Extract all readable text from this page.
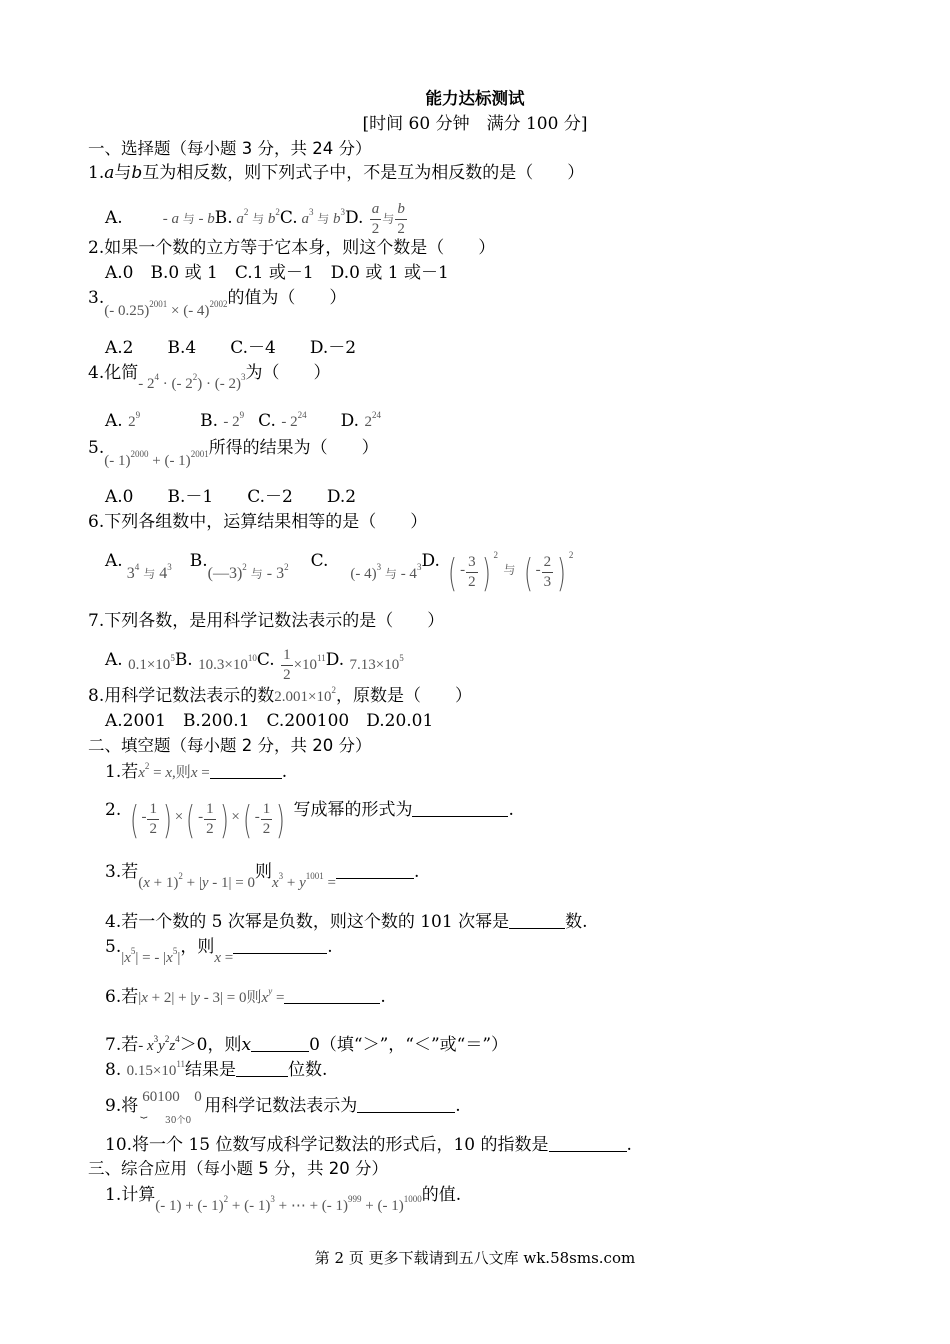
能力达标测试
[时间 60 分钟　满分 100 分]
一、选择题（每小题 3 分，共 24 分）
1.a与b互为相反数，则下列式子中，不是互为相反数的是（　　）
A.	- a 与 - bB. $a^2$ 与 $b^2C$. $a^3$ 与 $b^3D$. $\frac{a}{2}$ 与 $\frac{b}{2}$
2.如果一个数的立方等于它本身，则这个数是（　　）
A.0　B.0 或 1　C.1 或－1　D.0 或 1 或－1
3.(- 0.25)$^{2001}$ × (- 4)$^{2002}$的值为（　　）
A.2　　B.4　　C.－4　　D.－2
4.化简- $2^4$ · (- $2^2$) · (- 2)$^3$为（　　）
A. $2^9$	B. - $2^9$ C. - $2^{24}$ D. $2^{24}$
5.(- 1)$^{2000}$ + (- 1)$^{2001}$所得的结果为（　　）
A.0　　B.－1　　C.－2　　D.2
6.下列各组数中，运算结果相等的是（　　）
A. $3^4$ 与 $4^3$ B.(—3)$^2$ 与 - $3^2$ C.(- 4)$^3$ 与 - $4^3D$. ( - $\frac{3}{2}$ ) 2 与 ( - $\frac{2}{3}$ ) 2
7.下列各数，是用科学记数法表示的是（　　）
A. $0.1\times 10^5B$. $10.3\times 10^{10}C$. $\frac{1}{2} \times 10^{11}D$. $7.13\times 10^5$
8.用科学记数法表示的数$2.001\times 10^2$，原数是（　　）
A.2001　B.200.1　C.200100　D.20.01
二、填空题（每小题 2 分，共 20 分）
1.若$x^2 = x$,则x =	.
2. ( - $\frac{1}{2}$ ) ×( - $\frac{1}{2}$ ) ×( - $\frac{1}{2}$ ) 写成幂的形式为	.
3.若$(x + 1)^2 + |y - 1| = 0$则$x^3 + y^{1001}$ =.
4.若一个数的 5 次幂是负数，则这个数的 101 次幂是	数.
$5.|x^5|$ = - $|x^5|$，则x =.
6.若|x + 2| + |y - 3| = 0则$x^y$ =	.
7.若- $x^3y^2z^4>0$，则x	0（填“＞”，“＜”或“＝”）
8. $0.15\times 10^{11}$结果是	位数.
9.将 60100 0
⏟	用科学记数法表示为	.
30个0
10.将一个 15 位数写成科学记数法的形式后，10 的指数是	.
三、综合应用（每小题 5 分，共 20 分）
1.计算(- 1) + (- 1)$^2$ + (- 1)$^3$ + ⋯ + (- 1)$^{999}$ + (- 1)$^{1000}$的值.
第 2 页 更多下载请到五八文库 wk.58sms.com
